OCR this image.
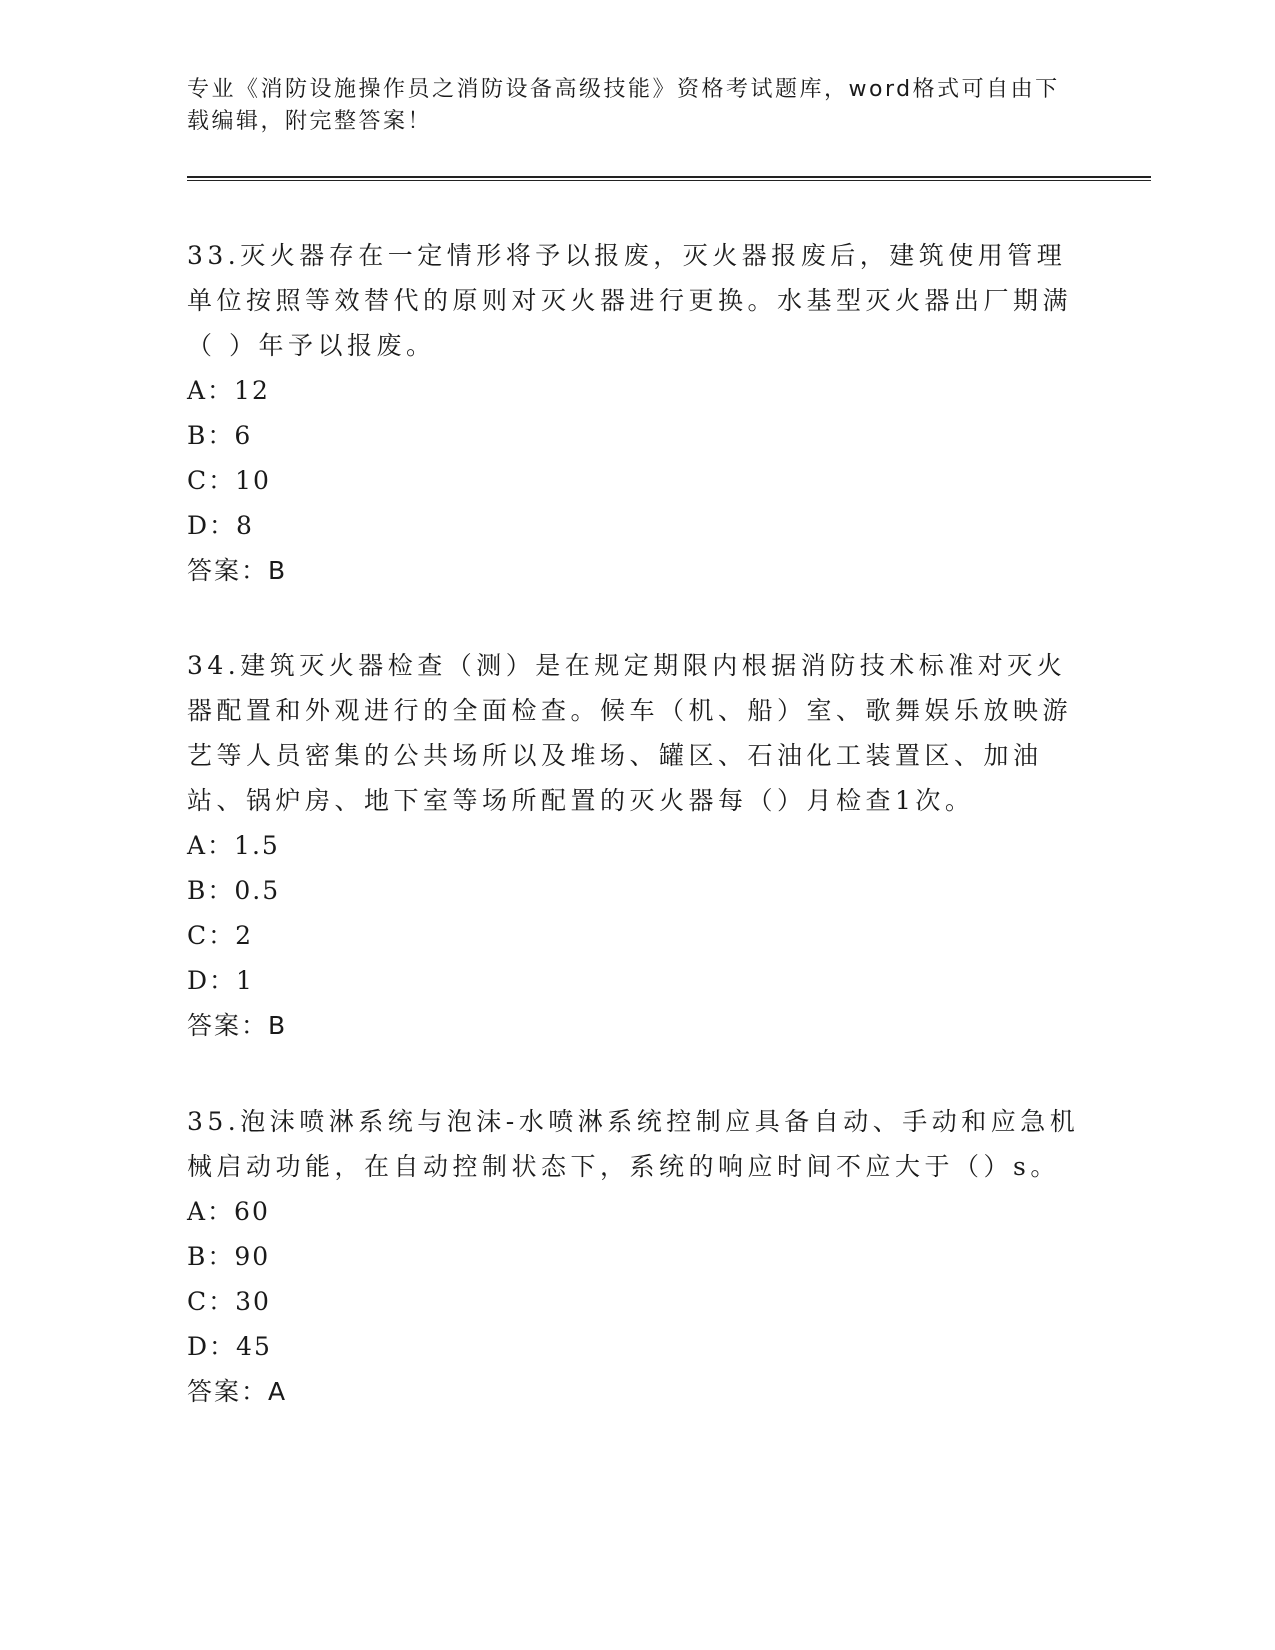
专业《消防设施操作员之消防设备高级技能》资格考试题库，word格式可自由下载编辑，附完整答案！

33.灭火器存在一定情形将予以报废，灭火器报废后，建筑使用管理单位按照等效替代的原则对灭火器进行更换。水基型灭火器出厂期满（ ）年予以报废。

A：12

B：6

C：10

D：8

答案：B

34.建筑灭火器检查（测）是在规定期限内根据消防技术标准对灭火器配置和外观进行的全面检查。候车（机、船）室、歌舞娱乐放映游艺等人员密集的公共场所以及堆场、罐区、石油化工装置区、加油站、锅炉房、地下室等场所配置的灭火器每（）月检查1次。

A：1.5

B：0.5

C：2

D：1

答案：B

35.泡沫喷淋系统与泡沫-水喷淋系统控制应具备自动、手动和应急机械启动功能，在自动控制状态下，系统的响应时间不应大于（）s。

A：60

B：90

C：30

D：45

答案：A
